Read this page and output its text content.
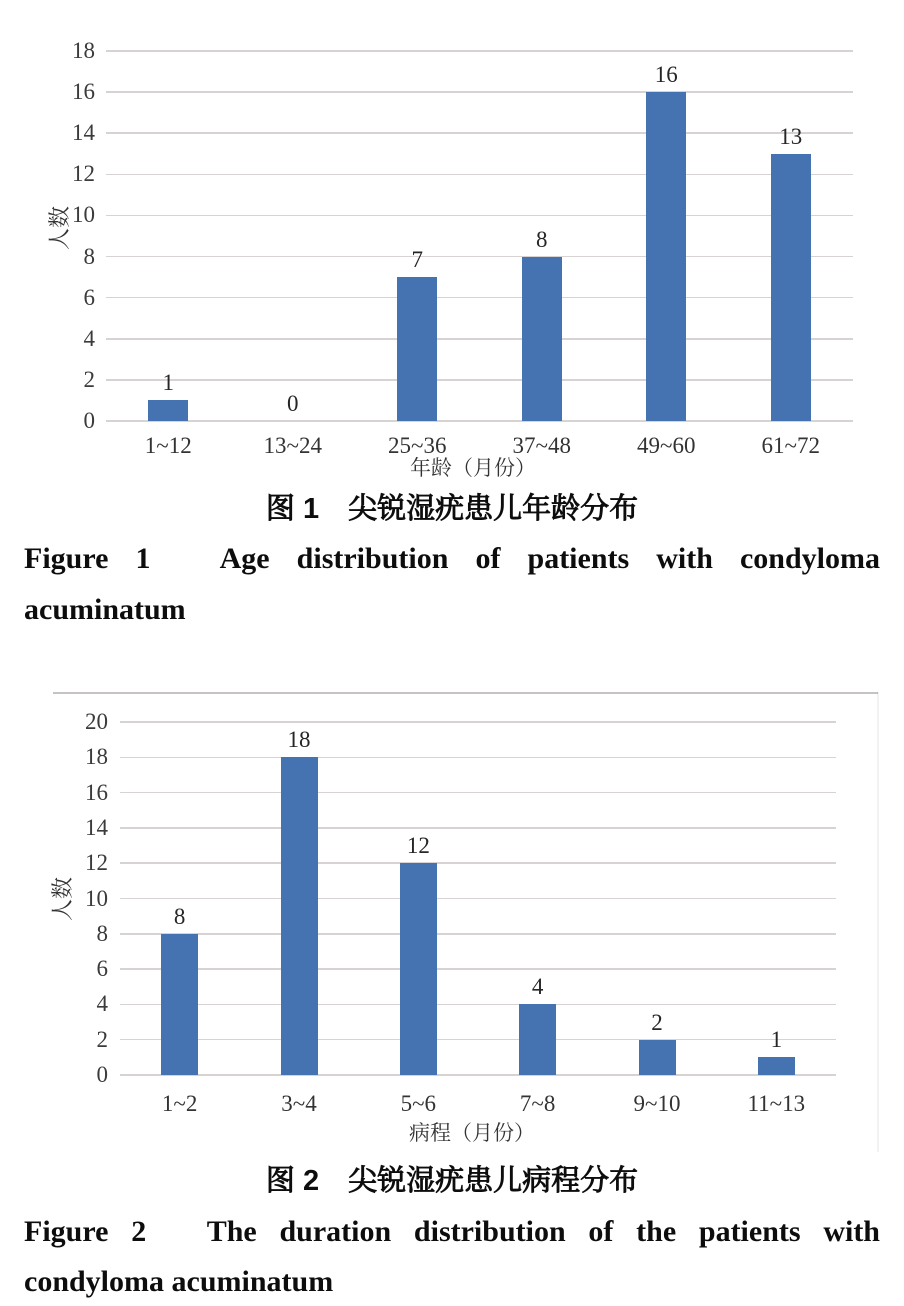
0
2
4
6
8
10
12
14
16
18
1
1~12
0
13~24
7
25~36
8
37~48
16
49~60
13
61~72
年龄（月份）
人数
0
2
4
6
8
10
12
14
16
18
20
8
1~2
18
3~4
12
5~6
4
7~8
2
9~10
1
11~13
病程（月份）
人数
图 1　尖锐湿疣患儿年龄分布
Figure 1　Age distribution of patients with condyloma
acuminatum
图 2　尖锐湿疣患儿病程分布
Figure 2　The duration distribution of the patients with
condyloma acuminatum
